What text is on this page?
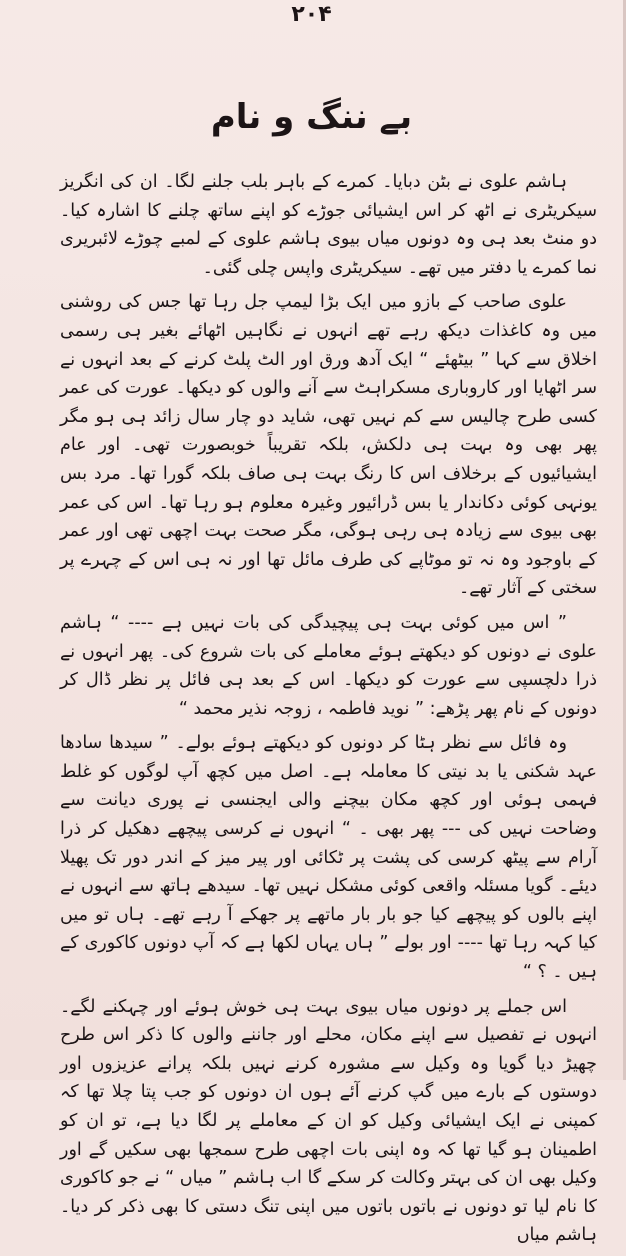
۲۰۴
بے ننگ و نام

ہاشم علوی نے بٹن دبایا۔ کمرے کے باہر بلب جلنے لگا۔ ان کی انگریز سیکریٹری نے اٹھ کر اس ایشیائی جوڑے کو اپنے ساتھ چلنے کا اشارہ کیا۔ دو منٹ بعد ہی وہ دونوں میاں بیوی ہاشم علوی کے لمبے چوڑے لائبریری نما کمرے یا دفتر میں تھے۔ سیکریٹری واپس چلی گئی۔

علوی صاحب کے بازو میں ایک بڑا لیمپ جل رہا تھا جس کی روشنی میں وہ کاغذات دیکھ رہے تھے انہوں نے نگاہیں اٹھائے بغیر ہی رسمی اخلاق سے کہا ” بیٹھئے “ ایک آدھ ورق اور الٹ پلٹ کرنے کے بعد انہوں نے سر اٹھایا اور کاروباری مسکراہٹ سے آنے والوں کو دیکھا۔ عورت کی عمر کسی طرح چالیس سے کم نہیں تھی، شاید دو چار سال زائد ہی ہو مگر پھر بھی وہ بہت ہی دلکش، بلکہ تقریباً خوبصورت تھی۔ اور عام ایشیائیوں کے برخلاف اس کا رنگ بہت ہی صاف بلکہ گورا تھا۔ مرد بس یونہی کوئی دکاندار یا بس ڈرائیور وغیرہ معلوم ہو رہا تھا۔ اس کی عمر بھی بیوی سے زیادہ ہی رہی ہوگی، مگر صحت بہت اچھی تھی اور عمر کے باوجود وہ نہ تو موٹاپے کی طرف مائل تھا اور نہ ہی اس کے چہرے پر سختی کے آثار تھے۔

” اس میں کوئی بہت ہی پیچیدگی کی بات نہیں ہے ---- “ ہاشم علوی نے دونوں کو دیکھتے ہوئے معاملے کی بات شروع کی۔ پھر انہوں نے ذرا دلچسپی سے عورت کو دیکھا۔ اس کے بعد ہی فائل پر نظر ڈال کر دونوں کے نام پھر پڑھے: ” نوید فاطمہ ، زوجہ نذیر محمد “

وہ فائل سے نظر ہٹا کر دونوں کو دیکھتے ہوئے بولے۔ ” سیدھا سادھا عہد شکنی یا بد نیتی کا معاملہ ہے۔ اصل میں کچھ آپ لوگوں کو غلط فہمی ہوئی اور کچھ مکان بیچنے والی ایجنسی نے پوری دیانت سے وضاحت نہیں کی --- پھر بھی ۔ “ انہوں نے کرسی پیچھے دھکیل کر ذرا آرام سے پیٹھ کرسی کی پشت پر ٹکائی اور پیر میز کے اندر دور تک پھیلا دیئے۔ گویا مسئلہ واقعی کوئی مشکل نہیں تھا۔ سیدھے ہاتھ سے انہوں نے اپنے بالوں کو پیچھے کیا جو بار بار ماتھے پر جھکے آ رہے تھے۔ ہاں تو میں کیا کہہ رہا تھا ---- اور بولے ” ہاں یہاں لکھا ہے کہ آپ دونوں کاکوری کے ہیں ۔ ؟ “

اس جملے پر دونوں میاں بیوی بہت ہی خوش ہوئے اور چہکنے لگے۔ انہوں نے تفصیل سے اپنے مکان، محلے اور جاننے والوں کا ذکر اس طرح چھیڑ دیا گویا وہ وکیل سے مشورہ کرنے نہیں بلکہ پرانے عزیزوں اور دوستوں کے بارے میں گپ کرنے آئے ہوں ان دونوں کو جب پتا چلا تھا کہ کمپنی نے ایک ایشیائی وکیل کو ان کے معاملے پر لگا دیا ہے، تو ان کو اطمینان ہو گیا تھا کہ وہ اپنی بات اچھی طرح سمجھا بھی سکیں گے اور وکیل بھی ان کی بہتر وکالت کر سکے گا اب ہاشم ” میاں “ نے جو کاکوری کا نام لیا تو دونوں نے باتوں باتوں میں اپنی تنگ دستی کا بھی ذکر کر دیا۔ ہاشم میاں
